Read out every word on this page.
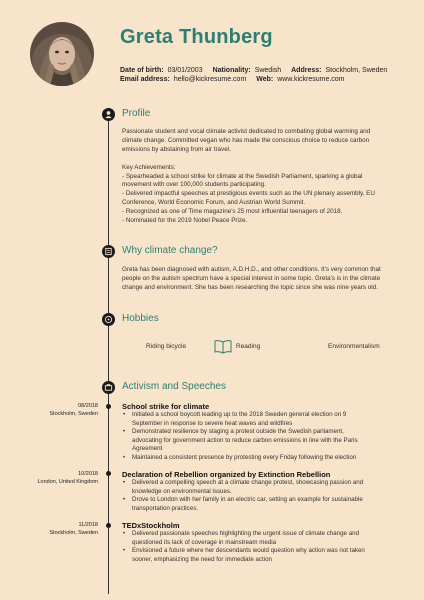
Greta Thunberg
Date of birth: 03/01/2003 Nationality: Swedish Address: Stockholm, Sweden
Email address: hello@kickresume.com Web: www.kickresume.com
Profile

Passionate student and vocal climate activist dedicated to combating global warming and

climate change. Committed vegan who has made the conscious choice to reduce carbon

emissions by abstaining from air travel.

Key Achievements:

- Spearheaded a school strike for climate at the Swedish Parliament, sparking a global

movement with over 100,000 students participating.

- Delivered impactful speeches at prestigious events such as the UN plenary assembly, EU

Conference, World Economic Forum, and Austrian World Summit.

- Recognized as one of Time magazine's 25 most influential teenagers of 2018.

- Nominated for the 2019 Nobel Peace Prize.

Why climate change?

Greta has been diagnosed with autism, A.D.H.D., and other conditions. It's very common that

people on the autism spectrum have a special interest in some topic. Greta's is in the climate

change and environment. She has been researching the topic since she was nine years old.

Hobbies
Riding bicycle	Reading	Environmentalism
Activism and Speeches
08/2018
Stockholm, Sweden
School strike for climate
• Initiated a school boycott leading up to the 2018 Sweden general election on 9
September in response to severe heat waves and wildfires
• Demonstrated resilience by staging a protest outside the Swedish parliament,
advocating for government action to reduce carbon emissions in line with the Paris
Agreement
• Maintained a consistent presence by protesting every Friday following the election
10/2018
London, United Kingdom
Declaration of Rebellion organized by Extinction Rebellion
• Delivered a compelling speech at a climate change protest, showcasing passion and
knowledge on environmental issues.
• Drove to London with her family in an electric car, setting an example for sustainable
transportation practices.
11/2018
Stockholm, Sweden
TEDxStockholm
• Delivered passionate speeches highlighting the urgent issue of climate change and
questioned its lack of coverage in mainstream media
• Envisioned a future where her descendants would question why action was not taken
sooner, emphasizing the need for immediate action
